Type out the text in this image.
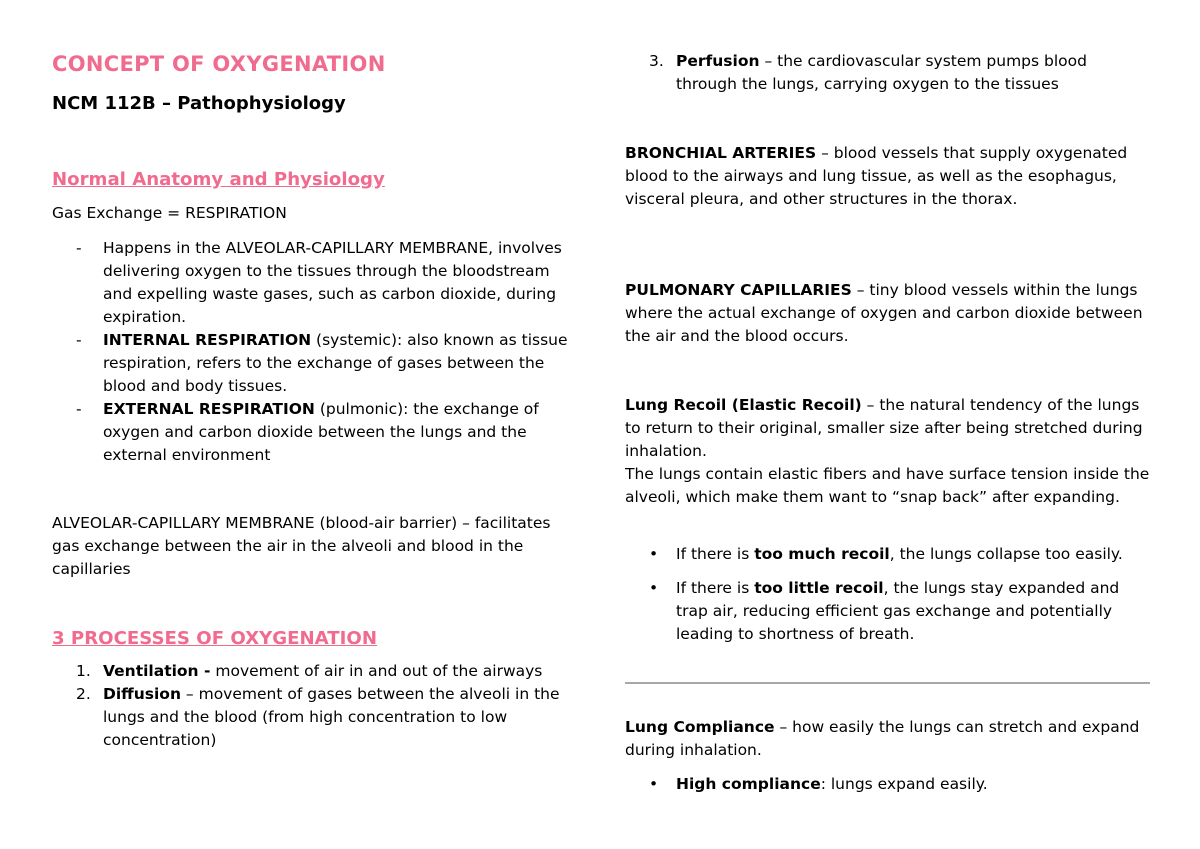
CONCEPT OF OXYGENATION
NCM 112B – Pathophysiology
Normal Anatomy and Physiology

Gas Exchange = RESPIRATION

- Happens in the ALVEOLAR-CAPILLARY MEMBRANE, involves delivering oxygen to the tissues through the bloodstream and expelling waste gases, such as carbon dioxide, during expiration.
- INTERNAL RESPIRATION (systemic): also known as tissue respiration, refers to the exchange of gases between the blood and body tissues.
- EXTERNAL RESPIRATION (pulmonic): the exchange of oxygen and carbon dioxide between the lungs and the external environment

ALVEOLAR-CAPILLARY MEMBRANE (blood-air barrier) – facilitates gas exchange between the air in the alveoli and blood in the capillaries

3 PROCESSES OF OXYGENATION
1. Ventilation - movement of air in and out of the airways
2. Diffusion – movement of gases between the alveoli in the lungs and the blood (from high concentration to low concentration)
3. Perfusion – the cardiovascular system pumps blood through the lungs, carrying oxygen to the tissues

BRONCHIAL ARTERIES – blood vessels that supply oxygenated blood to the airways and lung tissue, as well as the esophagus, visceral pleura, and other structures in the thorax.

PULMONARY CAPILLARIES – tiny blood vessels within the lungs where the actual exchange of oxygen and carbon dioxide between the air and the blood occurs.

Lung Recoil (Elastic Recoil) – the natural tendency of the lungs to return to their original, smaller size after being stretched during inhalation.

The lungs contain elastic fibers and have surface tension inside the alveoli, which make them want to “snap back” after expanding.

• If there is too much recoil, the lungs collapse too easily.
• If there is too little recoil, the lungs stay expanded and trap air, reducing efficient gas exchange and potentially leading to shortness of breath.

Lung Compliance – how easily the lungs can stretch and expand during inhalation.

• High compliance: lungs expand easily.
